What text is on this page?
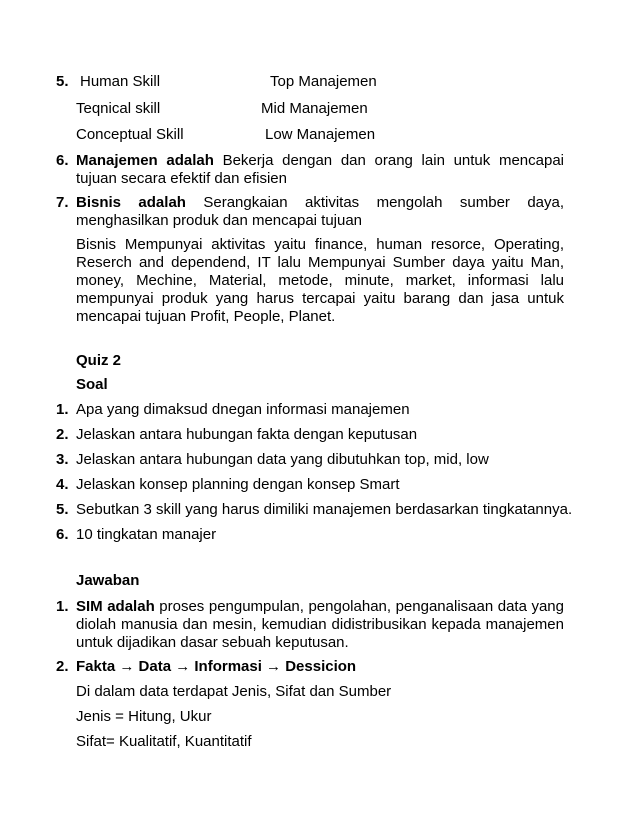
5. Human Skill	Top Manajemen
Teqnical skill	Mid Manajemen
Conceptual Skill	Low Manajemen
6. Manajemen adalah Bekerja dengan dan orang lain untuk mencapai tujuan secara efektif dan efisien
7. Bisnis adalah Serangkaian aktivitas mengolah sumber daya, menghasilkan produk dan mencapai tujuan
Bisnis Mempunyai aktivitas yaitu finance, human resorce, Operating, Reserch and dependend, IT lalu Mempunyai Sumber daya yaitu Man, money, Mechine, Material, metode, minute, market, informasi lalu mempunyai produk yang harus tercapai yaitu barang dan jasa untuk mencapai tujuan Profit, People, Planet.
Quiz 2
Soal
1. Apa yang dimaksud dnegan informasi manajemen
2. Jelaskan antara hubungan fakta dengan keputusan
3. Jelaskan antara hubungan data yang dibutuhkan top, mid, low
4. Jelaskan konsep planning dengan konsep Smart
5. Sebutkan 3 skill yang harus dimiliki manajemen berdasarkan tingkatannya.
6. 10 tingkatan manajer
Jawaban
1. SIM adalah proses pengumpulan, pengolahan, penganalisaan data yang diolah manusia dan mesin, kemudian didistribusikan kepada manajemen untuk dijadikan dasar sebuah keputusan.
2. Fakta → Data → Informasi → Dessicion
Di dalam data terdapat Jenis, Sifat dan Sumber
Jenis = Hitung, Ukur
Sifat= Kualitatif, Kuantitatif
